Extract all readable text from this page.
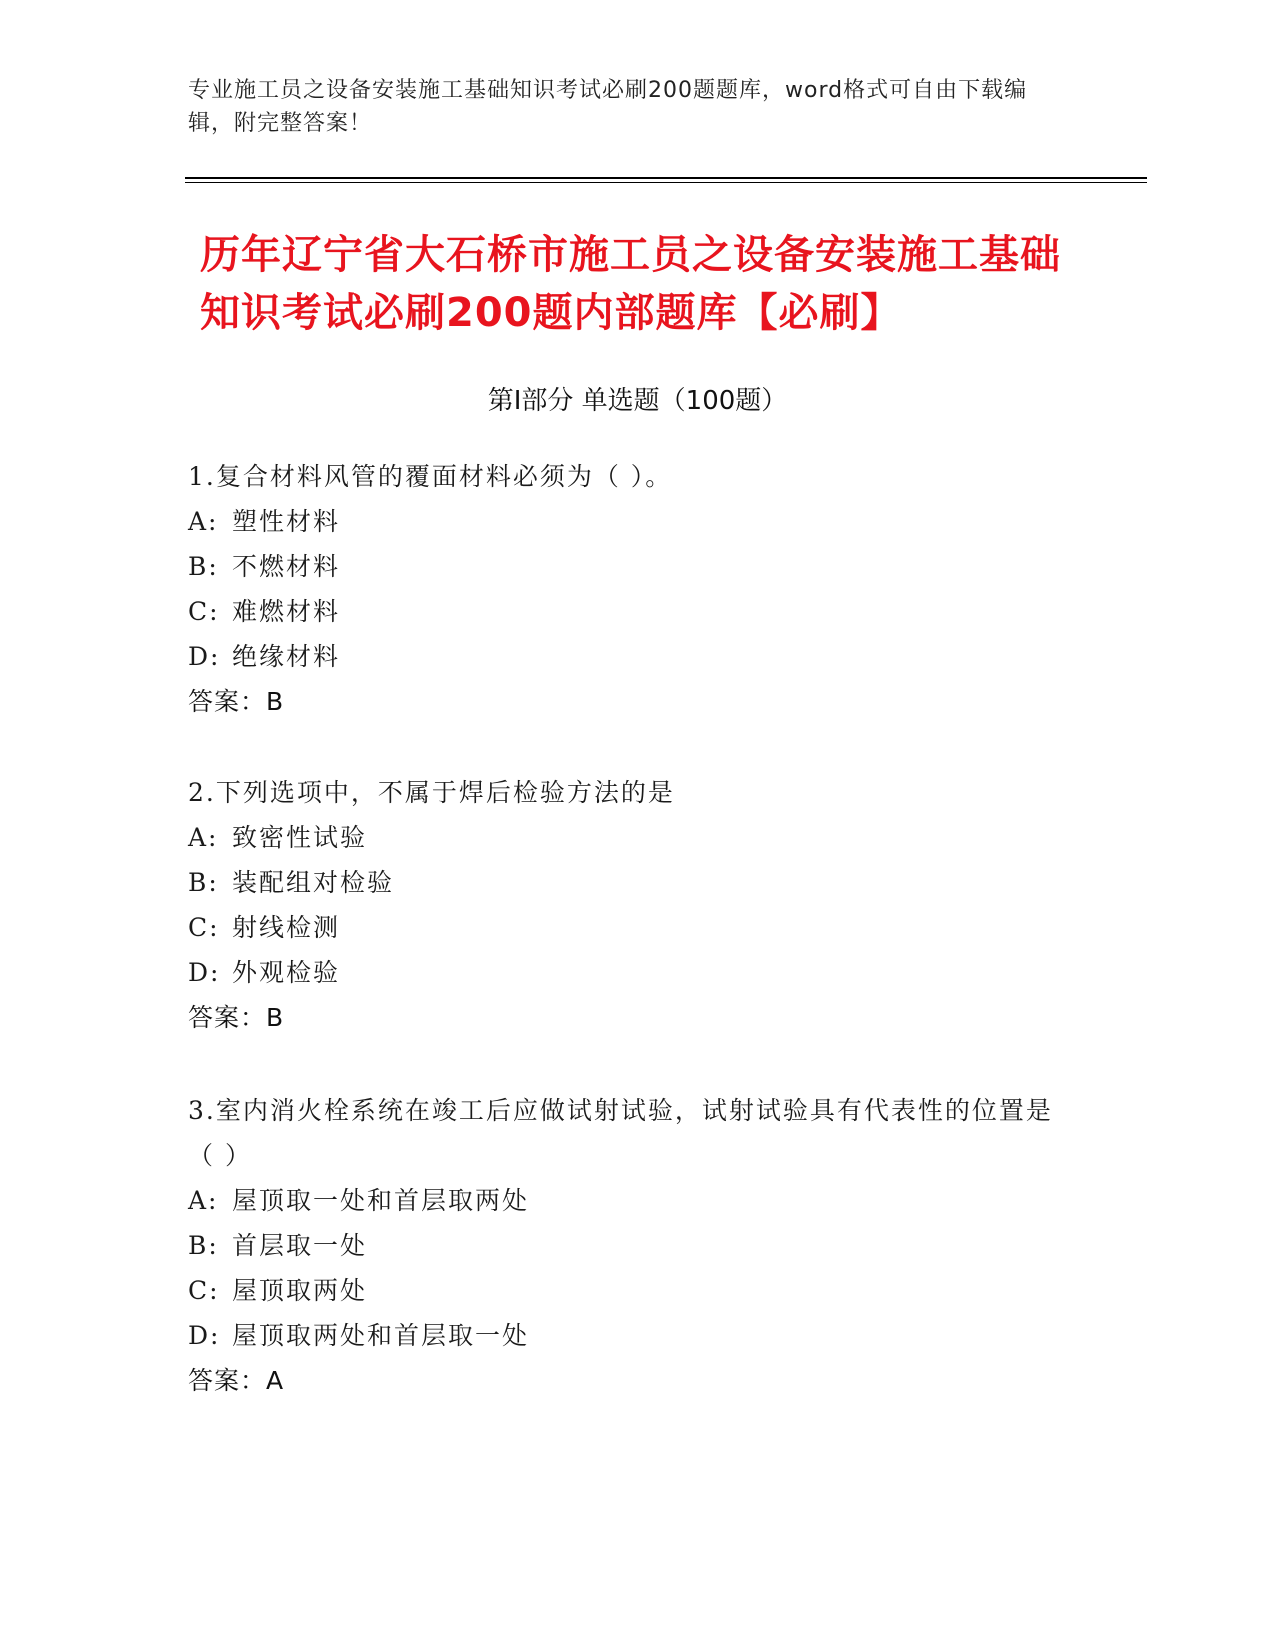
专业施工员之设备安装施工基础知识考试必刷200题题库，word格式可自由下载编辑，附完整答案！
历年辽宁省大石桥市施工员之设备安装施工基础知识考试必刷200题内部题库【必刷】
第Ⅰ部分 单选题（100题）
1.复合材料风管的覆面材料必须为（ ）。
A: 塑性材料
B: 不燃材料
C: 难燃材料
D: 绝缘材料
答案：B
2.下列选项中，不属于焊后检验方法的是
A: 致密性试验
B: 装配组对检验
C: 射线检测
D: 外观检验
答案：B
3.室内消火栓系统在竣工后应做试射试验，试射试验具有代表性的位置是（ ）
A: 屋顶取一处和首层取两处
B: 首层取一处
C: 屋顶取两处
D: 屋顶取两处和首层取一处
答案：A
